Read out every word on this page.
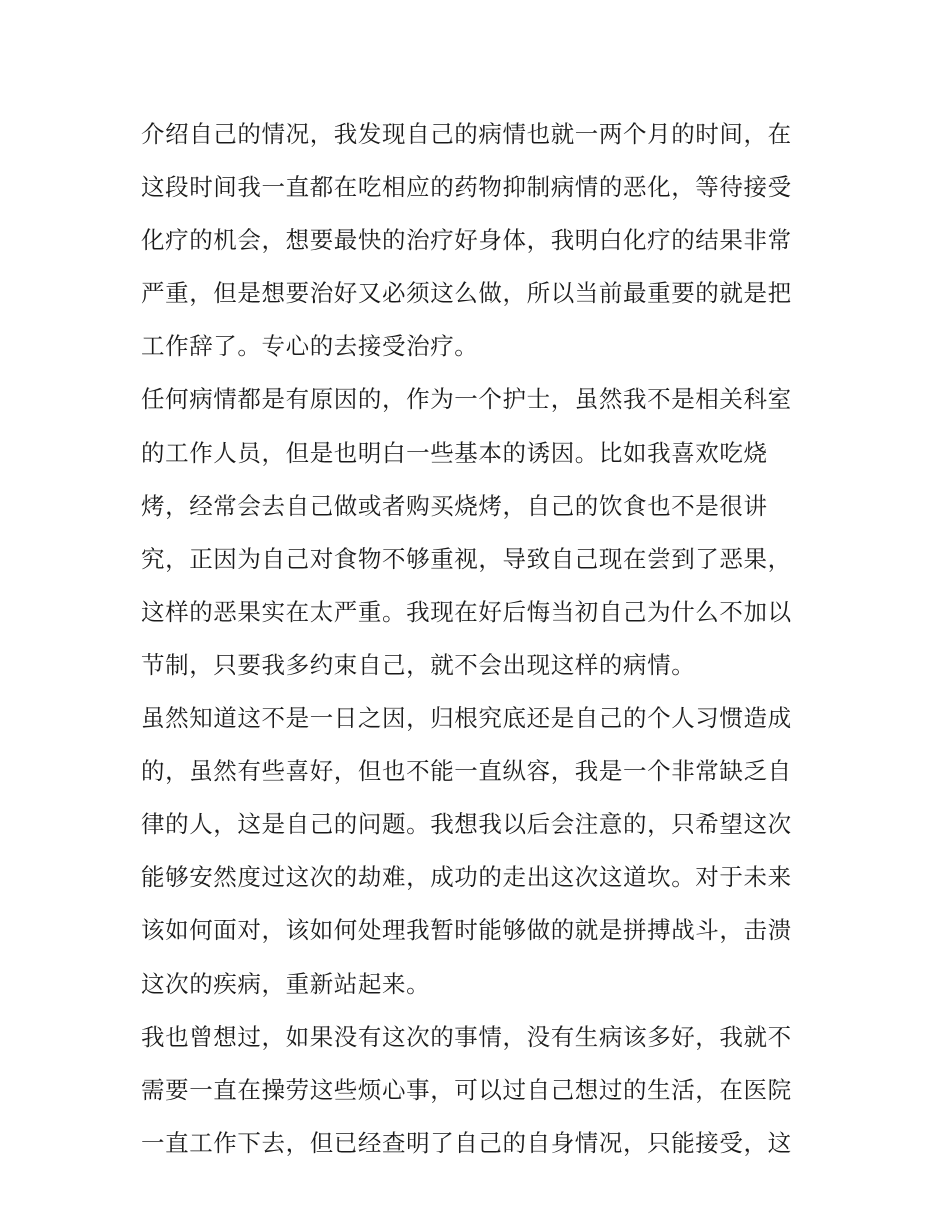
介绍自己的情况，我发现自己的病情也就一两个月的时间，在
这段时间我一直都在吃相应的药物抑制病情的恶化，等待接受
化疗的机会，想要最快的治疗好身体，我明白化疗的结果非常
严重，但是想要治好又必须这么做，所以当前最重要的就是把
工作辞了。专心的去接受治疗。
任何病情都是有原因的，作为一个护士，虽然我不是相关科室
的工作人员，但是也明白一些基本的诱因。比如我喜欢吃烧
烤，经常会去自己做或者购买烧烤，自己的饮食也不是很讲
究，正因为自己对食物不够重视，导致自己现在尝到了恶果，
这样的恶果实在太严重。我现在好后悔当初自己为什么不加以
节制，只要我多约束自己，就不会出现这样的病情。
虽然知道这不是一日之因，归根究底还是自己的个人习惯造成
的，虽然有些喜好，但也不能一直纵容，我是一个非常缺乏自
律的人，这是自己的问题。我想我以后会注意的，只希望这次
能够安然度过这次的劫难，成功的走出这次这道坎。对于未来
该如何面对，该如何处理我暂时能够做的就是拼搏战斗，击溃
这次的疾病，重新站起来。
我也曾想过，如果没有这次的事情，没有生病该多好，我就不
需要一直在操劳这些烦心事，可以过自己想过的生活，在医院
一直工作下去，但已经查明了自己的自身情况，只能接受，这
